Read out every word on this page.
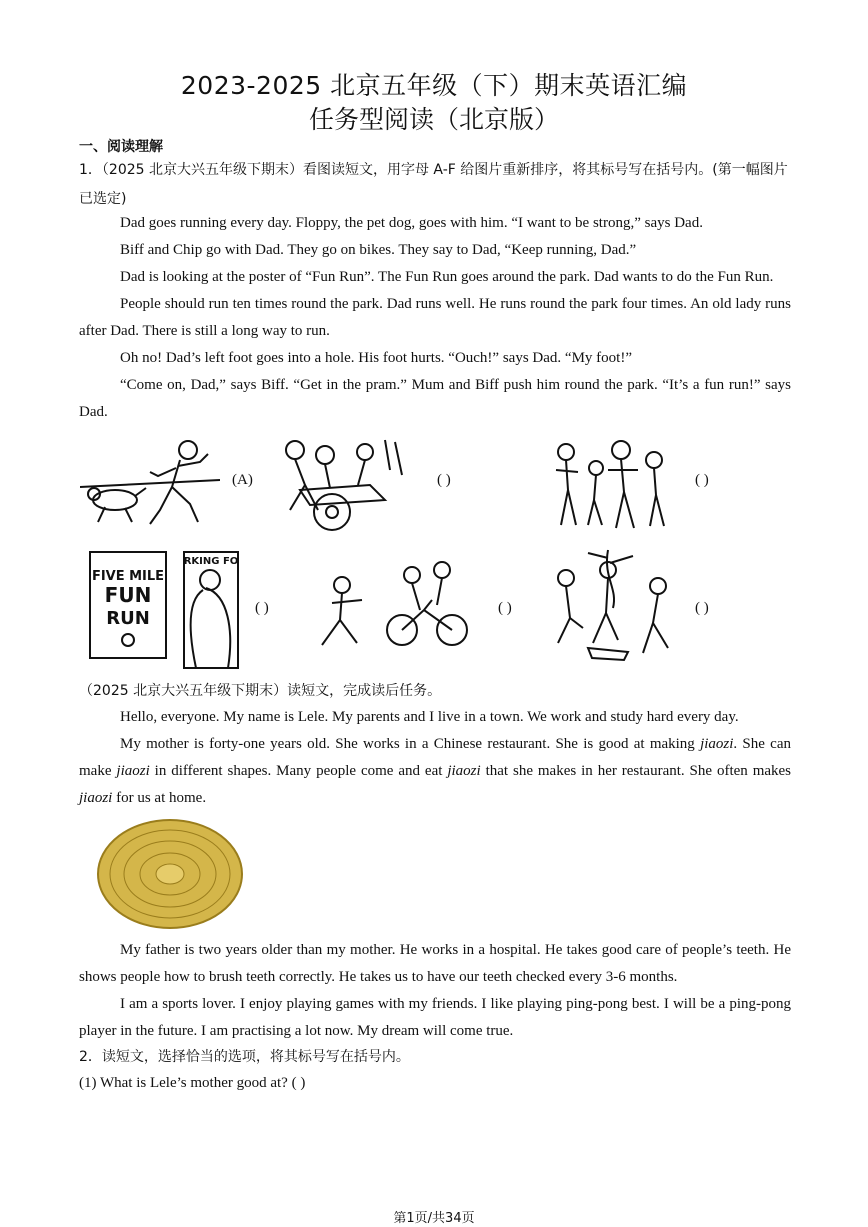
2023-2025 北京五年级（下）期末英语汇编
任务型阅读（北京版）
一、阅读理解
1．（2025 北京大兴五年级下期末）看图读短文，用字母 A-F 给图片重新排序，将其标号写在括号内。(第一幅图片已选定)

Dad goes running every day. Floppy, the pet dog, goes with him. “I want to be strong,” says Dad.

Biff and Chip go with Dad. They go on bikes. They say to Dad, “Keep running, Dad.”

Dad is looking at the poster of “Fun Run”. The Fun Run goes around the park. Dad wants to do the Fun Run.

People should run ten times round the park. Dad runs well. He runs round the park four times. An old lady runs after Dad. There is still a long way to run.

Oh no! Dad’s left foot goes into a hole. His foot hurts. “Ouch!” says Dad. “My foot!”

“Come on, Dad,” says Biff. “Get in the pram.” Mum and Biff push him round the park. “It’s a fun run!” says Dad.

(A)	( )	( )
FIVE MILE
FUN
RUN
RKING FO
( )	( )	( )
（2025 北京大兴五年级下期末）读短文，完成读后任务。

Hello, everyone. My name is Lele. My parents and I live in a town. We work and study hard every day.

My mother is forty-one years old. She works in a Chinese restaurant. She is good at making jiaozi. She can make jiaozi in different shapes. Many people come and eat jiaozi that she makes in her restaurant. She often makes jiaozi for us at home.

My father is two years older than my mother. He works in a hospital. He takes good care of people’s teeth. He shows people how to brush teeth correctly. He takes us to have our teeth checked every 3-6 months.

I am a sports lover. I enjoy playing games with my friends. I like playing ping-pong best. I will be a ping-pong player in the future. I am practising a lot now. My dream will come true.

2．读短文，选择恰当的选项，将其标号写在括号内。
(1) What is Lele’s mother good at? ( )
第1页/共34页
